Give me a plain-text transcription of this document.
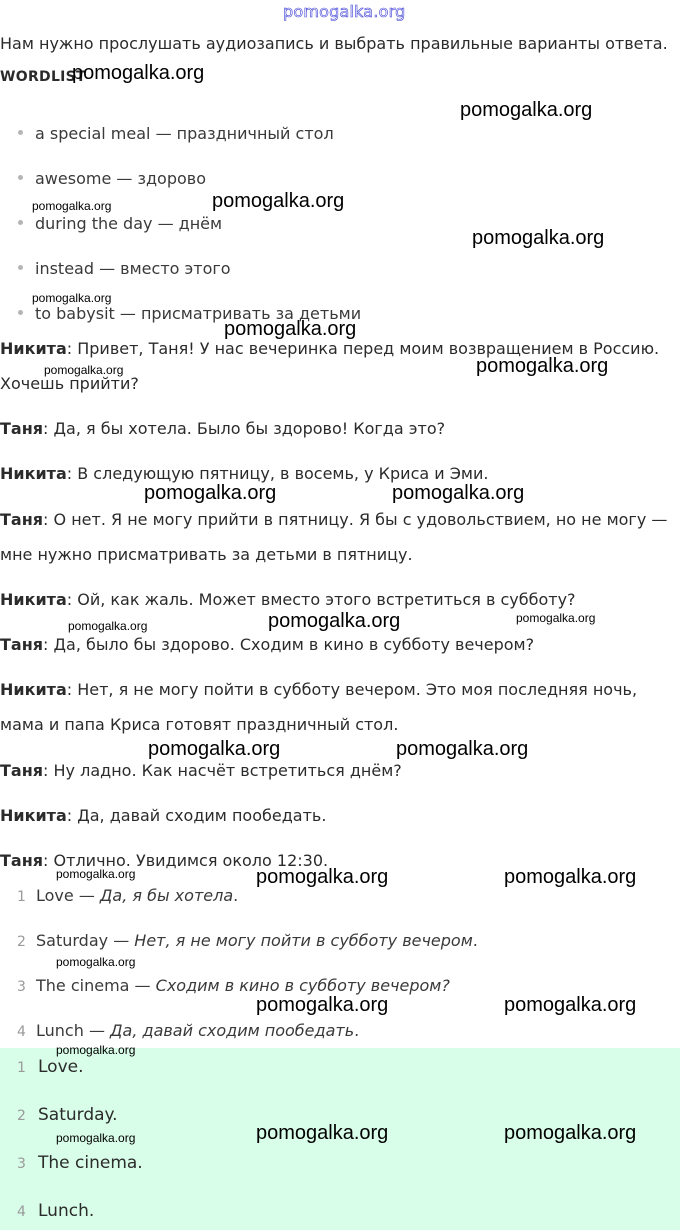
pomogalka.org
Нам нужно прослушать аудиозапись и выбрать правильные варианты ответа.
WORDLIST
a special meal — праздничный стол
awesome — здорово
during the day — днём
instead — вместо этого
to babysit — присматривать за детьми
Никита: Привет, Таня! У нас вечеринка перед моим возвращением в Россию. Хочешь прийти?
Таня: Да, я бы хотела. Было бы здорово! Когда это?
Никита: В следующую пятницу, в восемь, у Криса и Эми.
Таня: О нет. Я не могу прийти в пятницу. Я бы с удовольствием, но не могу — мне нужно присматривать за детьми в пятницу.
Никита: Ой, как жаль. Может вместо этого встретиться в субботу?
Таня: Да, было бы здорово. Сходим в кино в субботу вечером?
Никита: Нет, я не могу пойти в субботу вечером. Это моя последняя ночь, мама и папа Криса готовят праздничный стол.
Таня: Ну ладно. Как насчёт встретиться днём?
Никита: Да, давай сходим пообедать.
Таня: Отлично. Увидимся около 12:30.
1 Love — Да, я бы хотела.
2 Saturday — Нет, я не могу пойти в субботу вечером.
3 The cinema — Сходим в кино в субботу вечером?
4 Lunch — Да, давай сходим пообедать.
1 Love.
2 Saturday.
3 The cinema.
4 Lunch.
pomogalka.org
pomogalka.org
pomogalka.org	pomogalka.org
pomogalka.org
pomogalka.org
pomogalka.org
pomogalka.org	pomogalka.org
pomogalka.org	pomogalka.org
pomogalka.org	pomogalka.org	pomogalka.org
pomogalka.org	pomogalka.org
pomogalka.org	pomogalka.org	pomogalka.org
pomogalka.org
pomogalka.org	pomogalka.org
pomogalka.org
pomogalka.org	pomogalka.org	pomogalka.org
